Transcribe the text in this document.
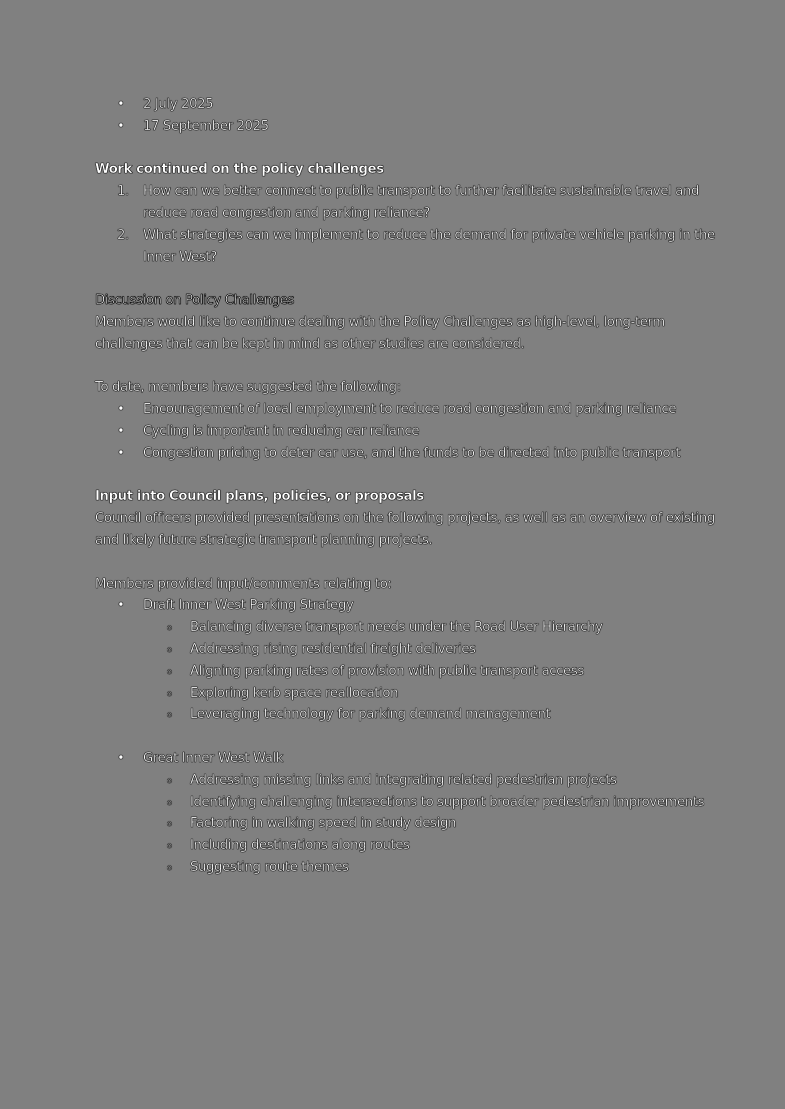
• 2 July 2025
• 17 September 2025
Work continued on the policy challenges
1. How can we better connect to public transport to further facilitate sustainable travel and reduce road congestion and parking reliance?
2. What strategies can we implement to reduce the demand for private vehicle parking in the Inner West?
Discussion on Policy Challenges

Members would like to continue dealing with the Policy Challenges as high-level, long-term challenges that can be kept in mind as other studies are considered.

To date, members have suggested the following:

• Encouragement of local employment to reduce road congestion and parking reliance
• Cycling is important in reducing car reliance
• Congestion pricing to deter car use, and the funds to be directed into public transport
Input into Council plans, policies, or proposals

Council officers provided presentations on the following projects, as well as an overview of existing and likely future strategic transport planning projects.

Members provided input/comments relating to:

• Draft Inner West Parking Strategy
o Balancing diverse transport needs under the Road User Hierarchy
o Addressing rising residential freight deliveries
o Aligning parking rates of provision with public transport access
o Exploring kerb space reallocation
o Leveraging technology for parking demand management
• Great Inner West Walk
o Addressing missing links and integrating related pedestrian projects
o Identifying challenging intersections to support broader pedestrian improvements
o Factoring in walking speed in study design
o Including destinations along routes
o Suggesting route themes
